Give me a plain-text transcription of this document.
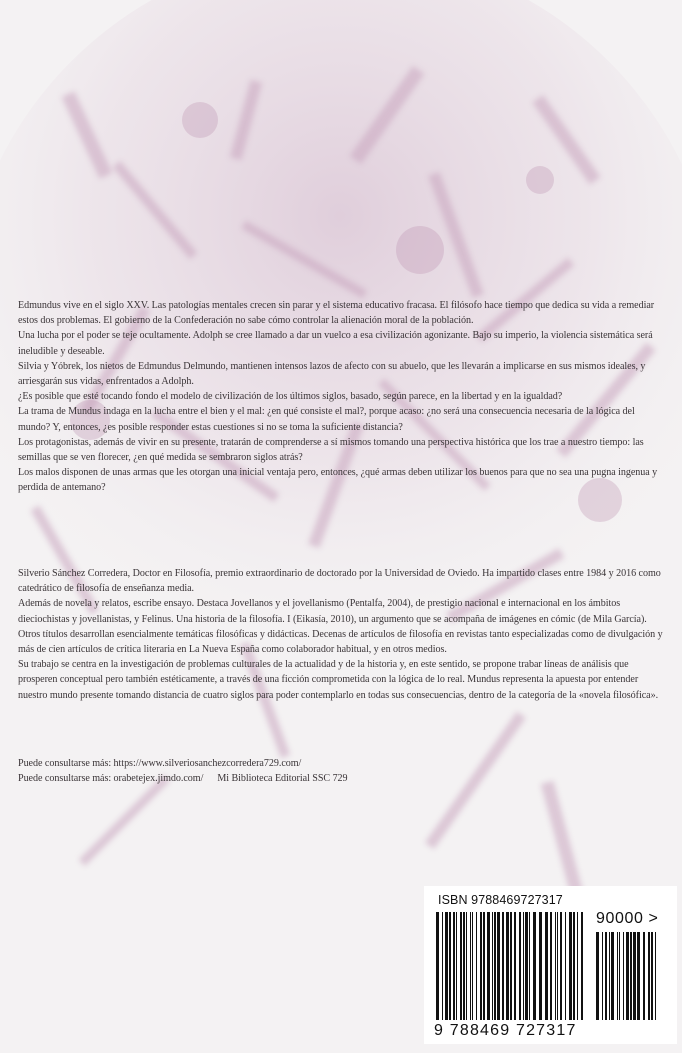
Edmundus vive en el siglo XXV. Las patologías mentales crecen sin parar y el sistema educativo fracasa. El filósofo hace tiempo que dedica su vida a remediar estos dos problemas. El gobierno de la Confederación no sabe cómo controlar la alienación moral de la población.

Una lucha por el poder se teje ocultamente. Adolph se cree llamado a dar un vuelco a esa civilización agonizante. Bajo su imperio, la violencia sistemática será ineludible y deseable.

Silvia y Yóbrek, los nietos de Edmundus Delmundo, mantienen intensos lazos de afecto con su abuelo, que les llevarán a implicarse en sus mismos ideales, y arriesgarán sus vidas, enfrentados a Adolph.

¿Es posible que esté tocando fondo el modelo de civilización de los últimos siglos, basado, según parece, en la libertad y en la igualdad?

La trama de Mundus indaga en la lucha entre el bien y el mal: ¿en qué consiste el mal?, porque acaso: ¿no será una consecuencia necesaria de la lógica del mundo? Y, entonces, ¿es posible responder estas cuestiones si no se toma la suficiente distancia?

Los protagonistas, además de vivir en su presente, tratarán de comprenderse a sí mismos tomando una perspectiva histórica que los trae a nuestro tiempo: las semillas que se ven florecer, ¿en qué medida se sembraron siglos atrás?

Los malos disponen de unas armas que les otorgan una inicial ventaja pero, entonces, ¿qué armas deben utilizar los buenos para que no sea una pugna ingenua y perdida de antemano?

Silverio Sánchez Corredera, Doctor en Filosofía, premio extraordinario de doctorado por la Universidad de Oviedo. Ha impartido clases entre 1984 y 2016 como catedrático de filosofía de enseñanza media.

Además de novela y relatos, escribe ensayo. Destaca Jovellanos y el jovellanismo (Pentalfa, 2004), de prestigio nacional e internacional en los ámbitos dieciochistas y jovellanistas, y Felinus. Una historia de la filosofía. I (Eikasía, 2010), un argumento que se acompaña de imágenes en cómic (de Mila García). Otros títulos desarrollan esencialmente temáticas filosóficas y didácticas. Decenas de artículos de filosofía en revistas tanto especializadas como de divulgación y más de cien artículos de crítica literaria en La Nueva España como colaborador habitual, y en otros medios.

Su trabajo se centra en la investigación de problemas culturales de la actualidad y de la historia y, en este sentido, se propone trabar líneas de análisis que prosperen conceptual pero también estéticamente, a través de una ficción comprometida con la lógica de lo real. Mundus representa la apuesta por entender nuestro mundo presente tomando distancia de cuatro siglos para poder contemplarlo en todas sus consecuencias, dentro de la categoría de la «novela filosófica».

Puede consultarse más: https://www.silveriosanchezcorredera729.com/

Puede consultarse más: orabetejex.jimdo.com/ Mi Biblioteca Editorial SSC 729

ISBN 9788469727317
90000 >
9 788469 727317
